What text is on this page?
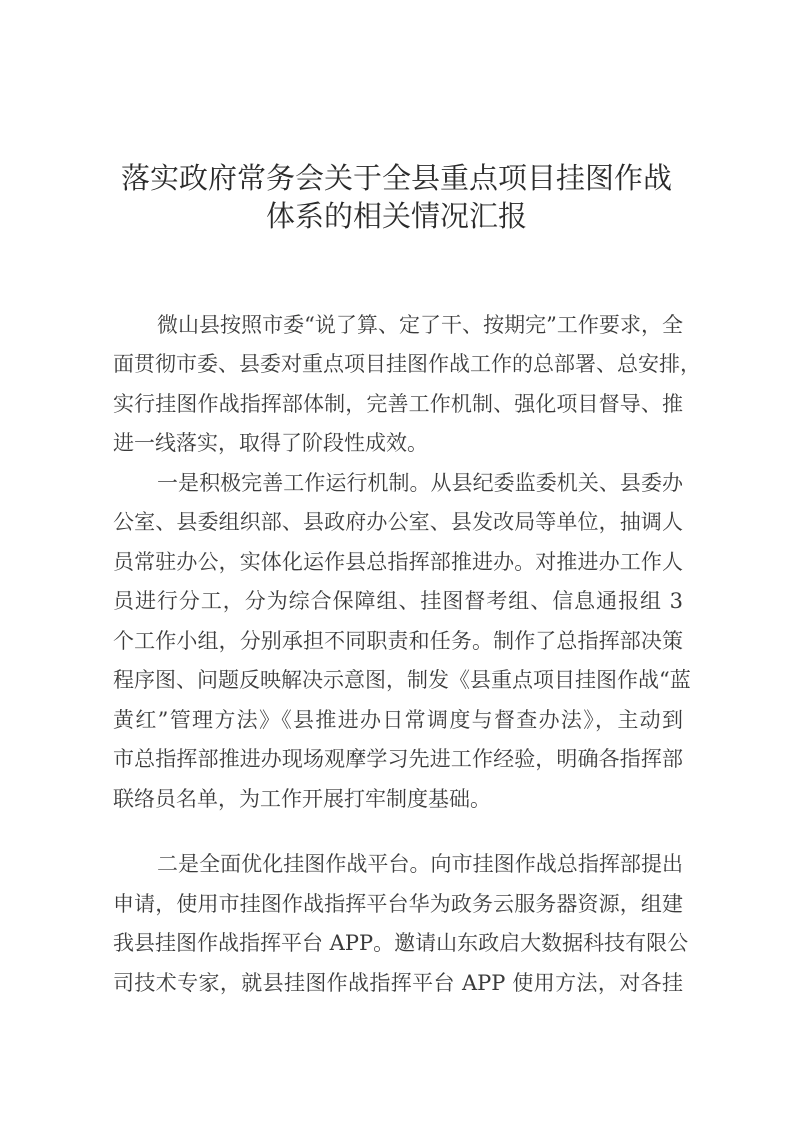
落实政府常务会关于全县重点项目挂图作战
体系的相关情况汇报
微山县按照市委“说了算、定了干、按期完”工作要求，全
面贯彻市委、县委对重点项目挂图作战工作的总部署、总安排，
实行挂图作战指挥部体制，完善工作机制、强化项目督导、推
进一线落实，取得了阶段性成效。
一是积极完善工作运行机制。从县纪委监委机关、县委办
公室、县委组织部、县政府办公室、县发改局等单位，抽调人
员常驻办公，实体化运作县总指挥部推进办。对推进办工作人
员进行分工，分为综合保障组、挂图督考组、信息通报组 3
个工作小组，分别承担不同职责和任务。制作了总指挥部决策
程序图、问题反映解决示意图，制发《县重点项目挂图作战“蓝
黄红”管理方法》《县推进办日常调度与督查办法》，主动到
市总指挥部推进办现场观摩学习先进工作经验，明确各指挥部
联络员名单，为工作开展打牢制度基础。
二是全面优化挂图作战平台。向市挂图作战总指挥部提出
申请，使用市挂图作战指挥平台华为政务云服务器资源，组建
我县挂图作战指挥平台 APP。邀请山东政启大数据科技有限公
司技术专家，就县挂图作战指挥平台 APP 使用方法，对各挂
